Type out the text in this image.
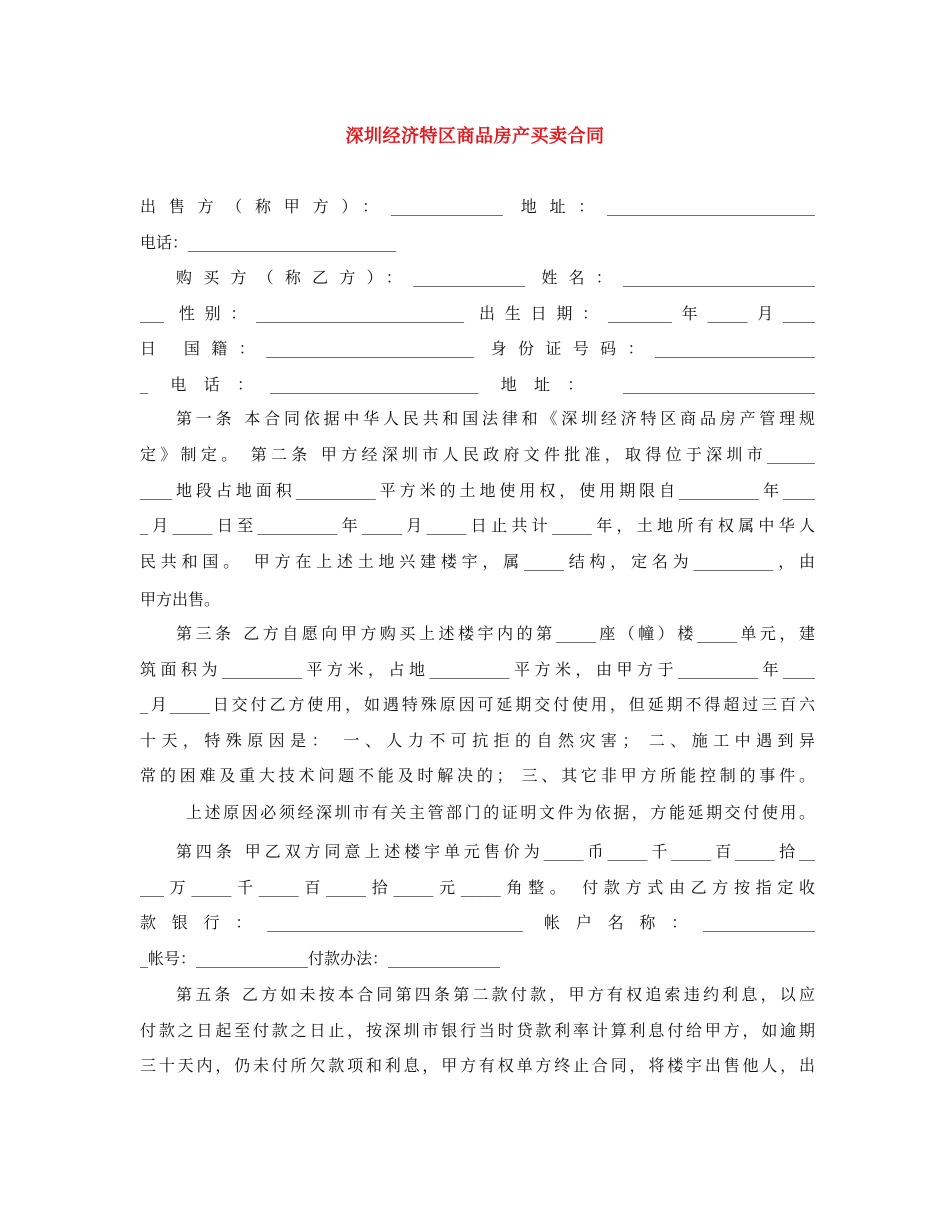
深圳经济特区商品房产买卖合同
出售方（称甲方）：______________ 地址：__________________________
电话：__________________________
购买方（称乙方）：______________ 姓名：________________________
___ 性别：__________________________ 出生日期：________年_____月____
日 国籍：__________________________ 身份证号码：____________________
_ 电话：__________________________ 地址： ________________________
第一条 本合同依据中华人民共和国法律和《深圳经济特区商品房产管理规
定》制定。 第二条 甲方经深圳市人民政府文件批准，取得位于深圳市______
____地段占地面积__________平方米的土地使用权，使用期限自__________年____
_月_____日至__________年_____月_____日止共计_____年，土地所有权属中华人
民共和国。 甲方在上述土地兴建楼宇，属_____结构，定名为__________，由
甲方出售。
第三条 乙方自愿向甲方购买上述楼宇内的第_____座（幢）楼_____单元，建
筑面积为__________平方米，占地__________平方米，由甲方于__________年____
_月_____日交付乙方使用，如遇特殊原因可延期交付使用，但延期不得超过三百六
十天，特殊原因是： 一、人力不可抗拒的自然灾害； 二、施工中遇到异
常的困难及重大技术问题不能及时解决的； 三、其它非甲方所能控制的事件。
上述原因必须经深圳市有关主管部门的证明文件为依据，方能延期交付使用。
第四条 甲乙双方同意上述楼宇单元售价为_____币_____千_____百_____拾__
___万_____千_____百_____拾_____元_____角整。 付款方式由乙方按指定收
款银行：________________________________ 帐户名称：______________
_帐号：______________付款办法：______________
第五条 乙方如未按本合同第四条第二款付款，甲方有权追索违约利息，以应
付款之日起至付款之日止，按深圳市银行当时贷款利率计算利息付给甲方，如逾期
三十天内，仍未付所欠款项和利息，甲方有权单方终止合同，将楼宇出售他人，出
